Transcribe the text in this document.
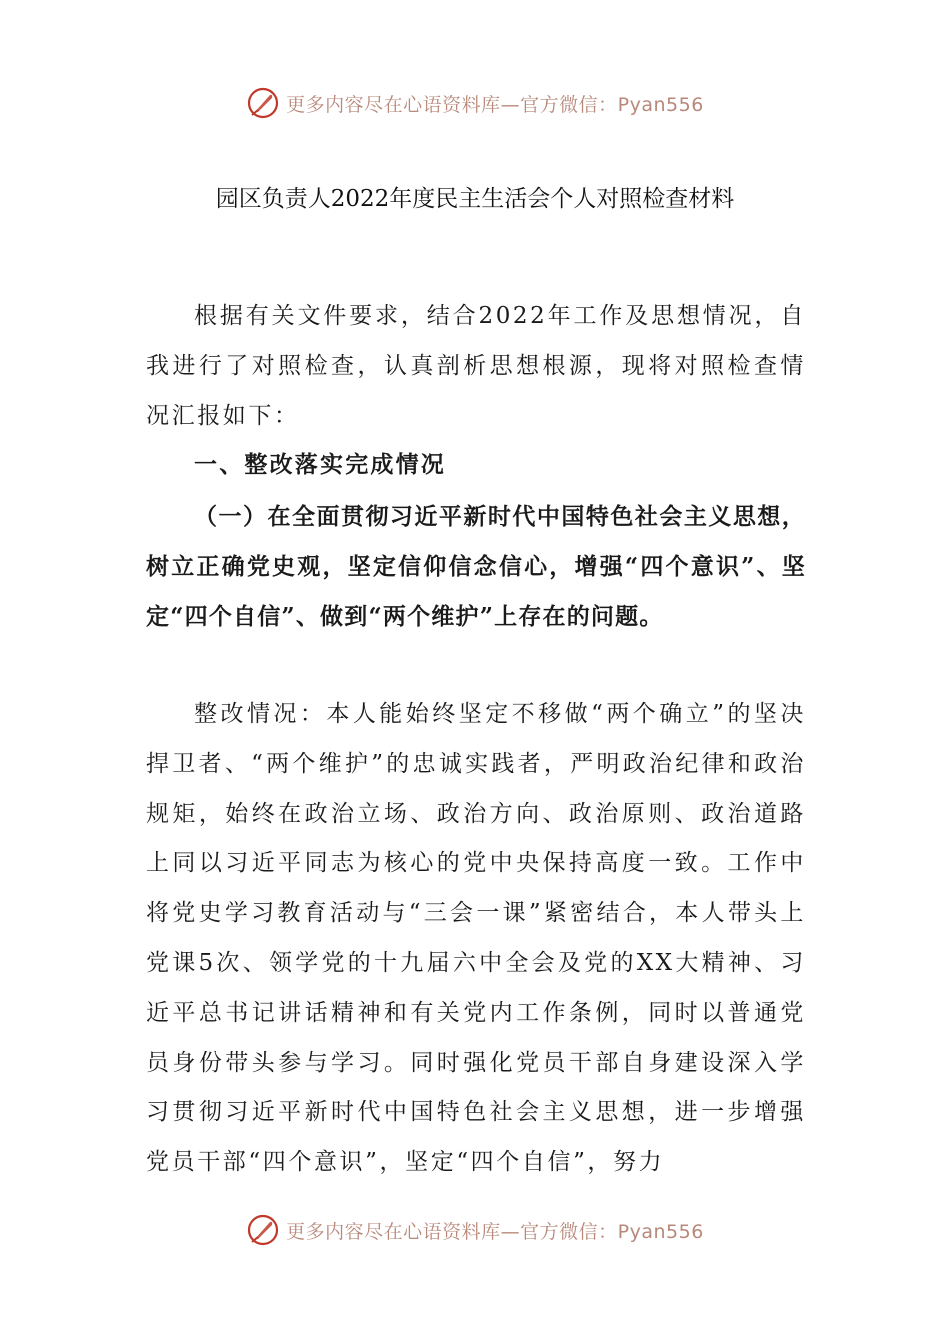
更多内容尽在心语资料库—官方微信：Pyan556
园区负责人2022年度民主生活会个人对照检查材料

根据有关文件要求，结合2022年工作及思想情况，自我进行了对照检查，认真剖析思想根源，现将对照检查情况汇报如下：

一、整改落实完成情况

（一）在全面贯彻习近平新时代中国特色社会主义思想，树立正确党史观，坚定信仰信念信心，增强“四个意识”、坚定“四个自信”、做到“两个维护”上存在的问题。

整改情况：本人能始终坚定不移做“两个确立”的坚决捍卫者、“两个维护”的忠诚实践者，严明政治纪律和政治规矩，始终在政治立场、政治方向、政治原则、政治道路上同以习近平同志为核心的党中央保持高度一致。工作中将党史学习教育活动与“三会一课”紧密结合，本人带头上党课5次、领学党的十九届六中全会及党的XX大精神、习近平总书记讲话精神和有关党内工作条例，同时以普通党员身份带头参与学习。同时强化党员干部自身建设深入学习贯彻习近平新时代中国特色社会主义思想，进一步增强党员干部“四个意识”，坚定“四个自信”，努力

更多内容尽在心语资料库—官方微信：Pyan556
